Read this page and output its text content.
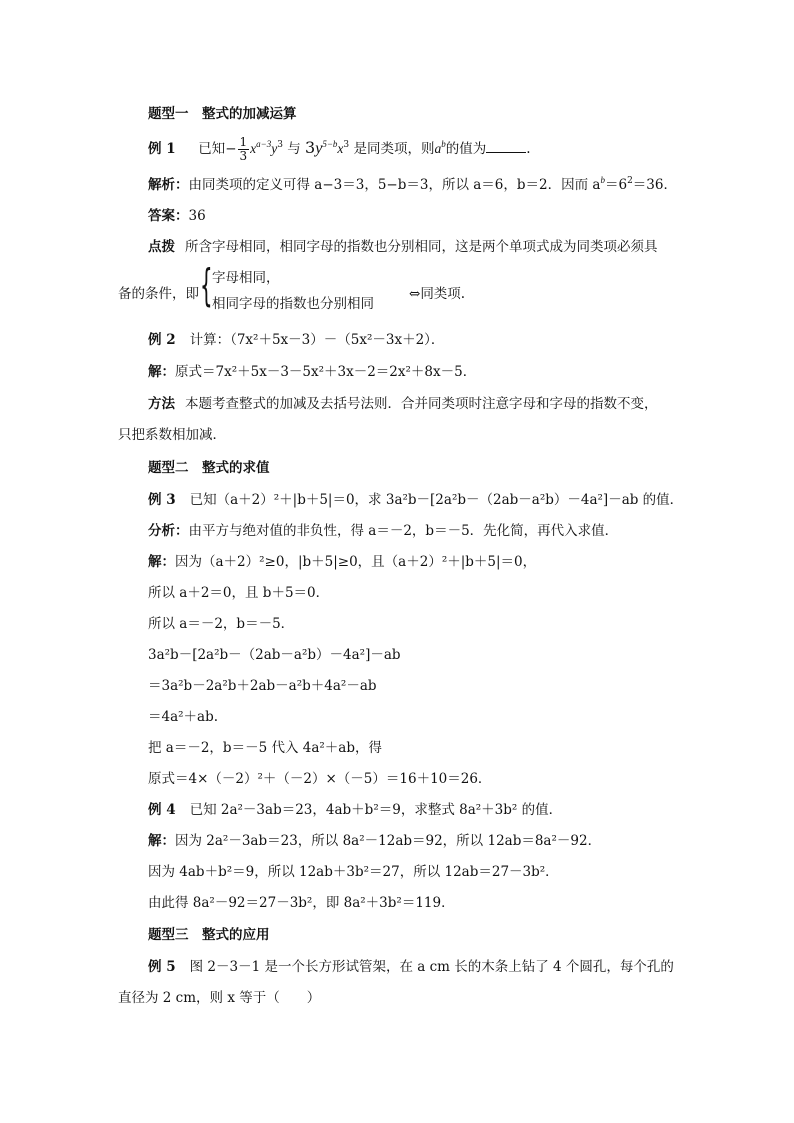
题型一　整式的加减运算
例 1 已知− $\frac{1}{3} x^{a-3}y^3$ 与 $3y^{5-b}x^3$ 是同类项，则$a^b$的值为	.
解析：由同类项的定义可得 a−3＝3，5−b＝3，所以 a＝6，b＝2．因而 $a^b=6^2=36$．
答案：36
点拨 所含字母相同，相同字母的指数也分别相同，这是两个单项式成为同类项必须具
备的条件，即 { 字母相同，
相同字母的指数也分别相同
⇔同类项.
例 2 计算：（7x²＋5x－3）－（5x²－3x＋2）．
解：原式＝7x²＋5x－3－5x²＋3x－2＝2x²＋8x－5．
方法 本题考查整式的加减及去括号法则．合并同类项时注意字母和字母的指数不变，
只把系数相加减．
题型二　整式的求值
例 3 已知（a＋2）²＋|b＋5|＝0，求 3a²b－[2a²b－（2ab－a²b）－4a²]－ab 的值．
分析：由平方与绝对值的非负性，得 a＝－2，b＝－5．先化简，再代入求值．
解：因为（a＋2）²≥0，|b＋5|≥0，且（a＋2）²＋|b＋5|＝0，
所以 a＋2＝0，且 b＋5＝0．
所以 a＝－2，b＝－5．
3a²b－[2a²b－（2ab－a²b）－4a²]－ab
＝3a²b－2a²b＋2ab－a²b＋4a²－ab
＝4a²＋ab.
把 a＝－2，b＝－5 代入 4a²＋ab，得
原式＝4×（－2）²＋（－2）×（－5）＝16＋10＝26．
例 4 已知 2a²－3ab＝23，4ab＋b²＝9，求整式 8a²＋3b² 的值．
解：因为 2a²－3ab＝23，所以 8a²－12ab＝92，所以 12ab＝8a²－92．
因为 4ab＋b²＝9，所以 12ab＋3b²＝27，所以 12ab＝27－3b²．
由此得 8a²－92＝27－3b²，即 8a²＋3b²＝119．
题型三　整式的应用
例 5 图 2－3－1 是一个长方形试管架，在 a cm 长的木条上钻了 4 个圆孔，每个孔的
直径为 2 cm，则 x 等于（　　）
